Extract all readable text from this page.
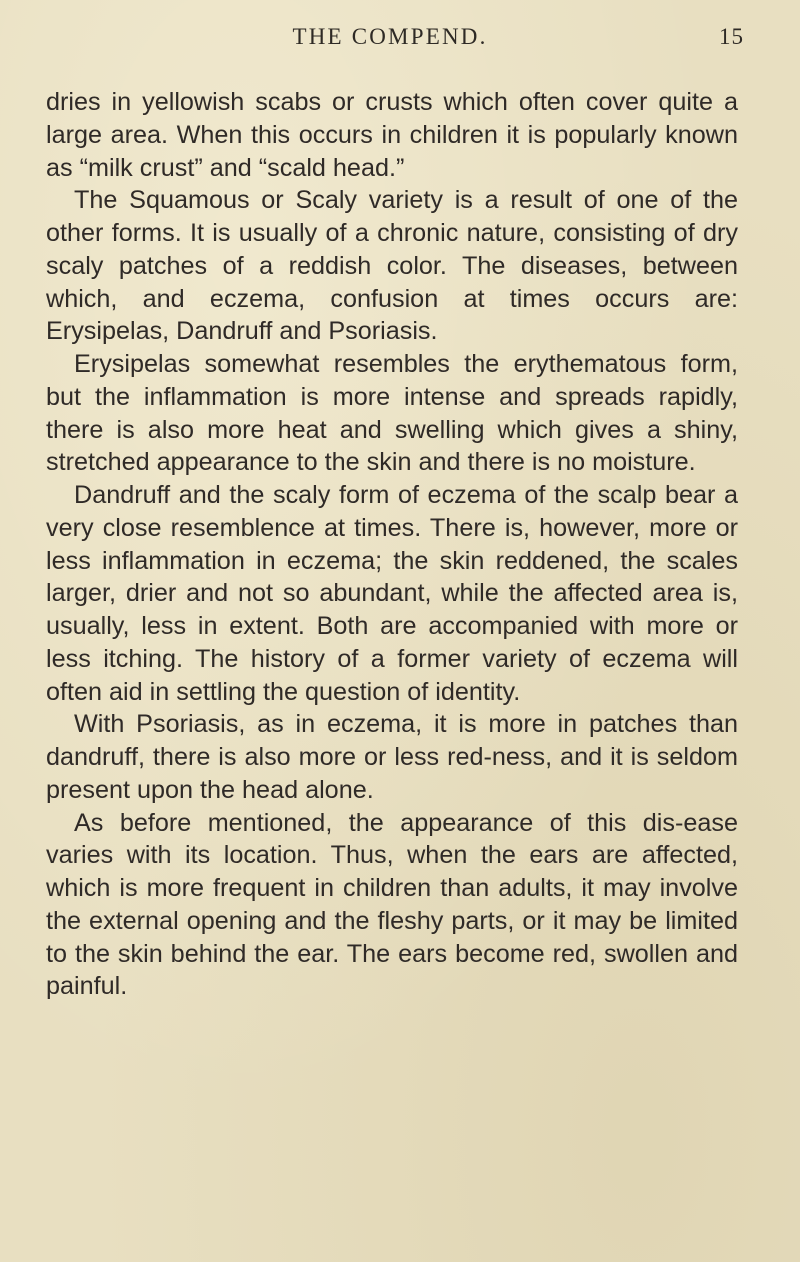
THE COMPEND.	15

dries in yellowish scabs or crusts which often cover quite a large area. When this occurs in children it is popularly known as “milk crust” and “scald head.”

The Squamous or Scaly variety is a result of one of the other forms. It is usually of a chronic nature, consisting of dry scaly patches of a reddish color. The diseases, between which, and eczema, confusion at times occurs are: Erysipelas, Dandruff and Psoriasis.

Erysipelas somewhat resembles the erythematous form, but the inflammation is more intense and spreads rapidly, there is also more heat and swelling which gives a shiny, stretched appearance to the skin and there is no moisture.

Dandruff and the scaly form of eczema of the scalp bear a very close resemblence at times. There is, however, more or less inflammation in eczema; the skin reddened, the scales larger, drier and not so abundant, while the affected area is, usually, less in extent. Both are accompanied with more or less itching. The history of a former variety of eczema will often aid in settling the question of identity.

With Psoriasis, as in eczema, it is more in patches than dandruff, there is also more or less red-ness, and it is seldom present upon the head alone.

As before mentioned, the appearance of this dis-ease varies with its location. Thus, when the ears are affected, which is more frequent in children than adults, it may involve the external opening and the fleshy parts, or it may be limited to the skin behind the ear. The ears become red, swollen and painful.
